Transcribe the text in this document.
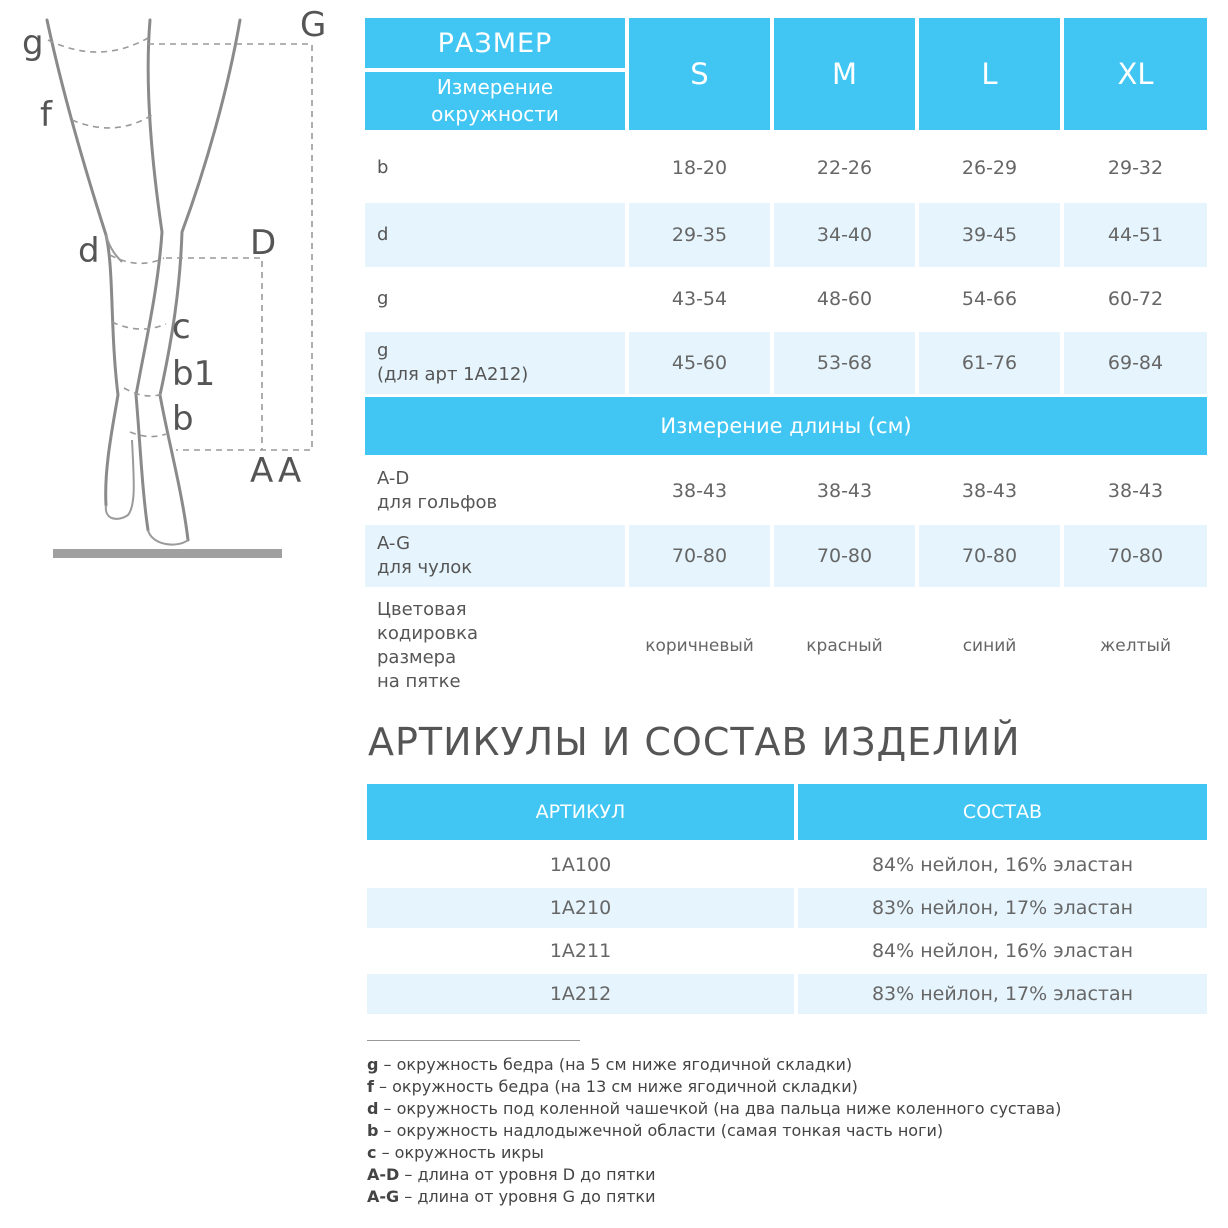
g
f
d
c
b1
b
G
D
A A
РАЗМЕР
Измерение окружности
S	M	L	XL
b	18-20	22-26	26-29	29-32
d	29-35	34-40	39-45	44-51
g	43-54	48-60	54-66	60-72
g
(для арт 1А212)
45-60	53-68	61-76	69-84
Измерение длины (см)
A-D
для гольфов
38-43	38-43	38-43	38-43
A-G
для чулок
70-80	70-80	70-80	70-80
Цветовая
кодировка
размера
на пятке
коричневый	красный	синий	желтый
АРТИКУЛЫ И СОСТАВ ИЗДЕЛИЙ
АРТИКУЛ	СОСТАВ
1А100	84% нейлон, 16% эластан
1А210	83% нейлон, 17% эластан
1А211	84% нейлон, 16% эластан
1А212	83% нейлон, 17% эластан
g – окружность бедра (на 5 см ниже ягодичной складки)
f – окружность бедра (на 13 см ниже ягодичной складки)
d – окружность под коленной чашечкой (на два пальца ниже коленного сустава)
b – окружность надлодыжечной области (самая тонкая часть ноги)
c – окружность икры
A-D – длина от уровня D до пятки
A-G – длина от уровня G до пятки
